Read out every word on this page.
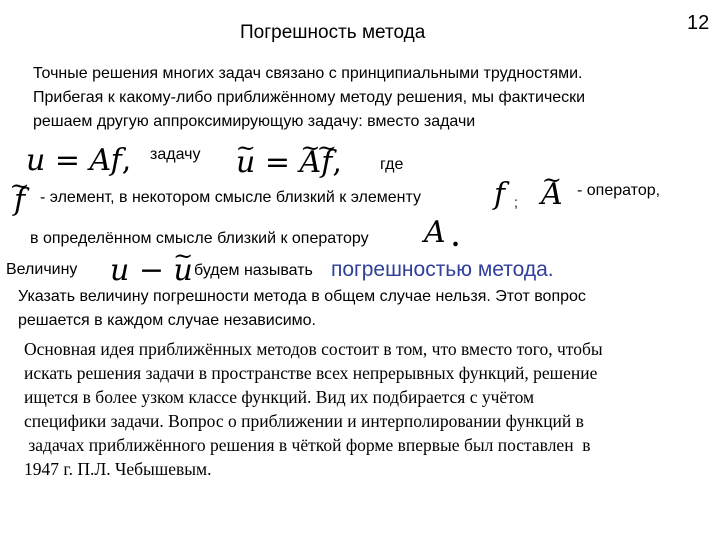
12
Погрешность метода
Точные решения многих задач связано с принципиальными трудностями.
Прибегая к какому-либо приближённому методу решения, мы фактически
решаем другую аппроксимирующую задачу: вместо задачи
u = Af, задачу ~ u = ~ A~ f, где
~ f - элемент, в некотором смысле близкий к элементу f ; ~ A - оператор,
в определённом смысле близкий к оператору A .
Величину u − ~ u будем называть погрешностью метода.
Указать величину погрешности метода в общем случае нельзя. Этот вопрос
решается в каждом случае независимо.
Основная идея приближённых методов состоит в том, что вместо того, чтобы
искать решения задачи в пространстве всех непрерывных функций, решение
ищется в более узком классе функций. Вид их подбирается с учётом
специфики задачи. Вопрос о приближении и интерполировании функций в
задачах приближённого решения в чёткой форме впервые был поставлен  в
1947 г. П.Л. Чебышевым.
